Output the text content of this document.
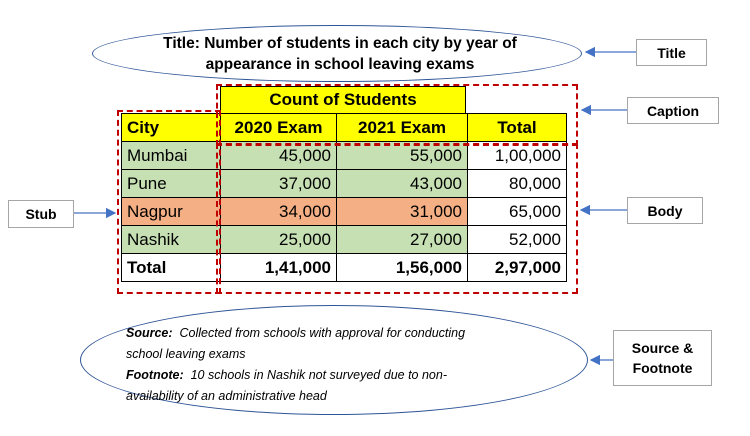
Title: Number of students in each city by year of
appearance in school leaving exams
Count of Students
City	2020 Exam	2021 Exam	Total
Mumbai	45,000	55,000	1,00,000
Pune	37,000	43,000	80,000
Nagpur	34,000	31,000	65,000
Nashik	25,000	27,000	52,000
Total	1,41,000	1,56,000	2,97,000
Title
Caption
Stub	Body
Source &
Footnote
Source: Collected from schools with approval for conducting
school leaving exams
Footnote: 10 schools in Nashik not surveyed due to non-
availability of an administrative head
